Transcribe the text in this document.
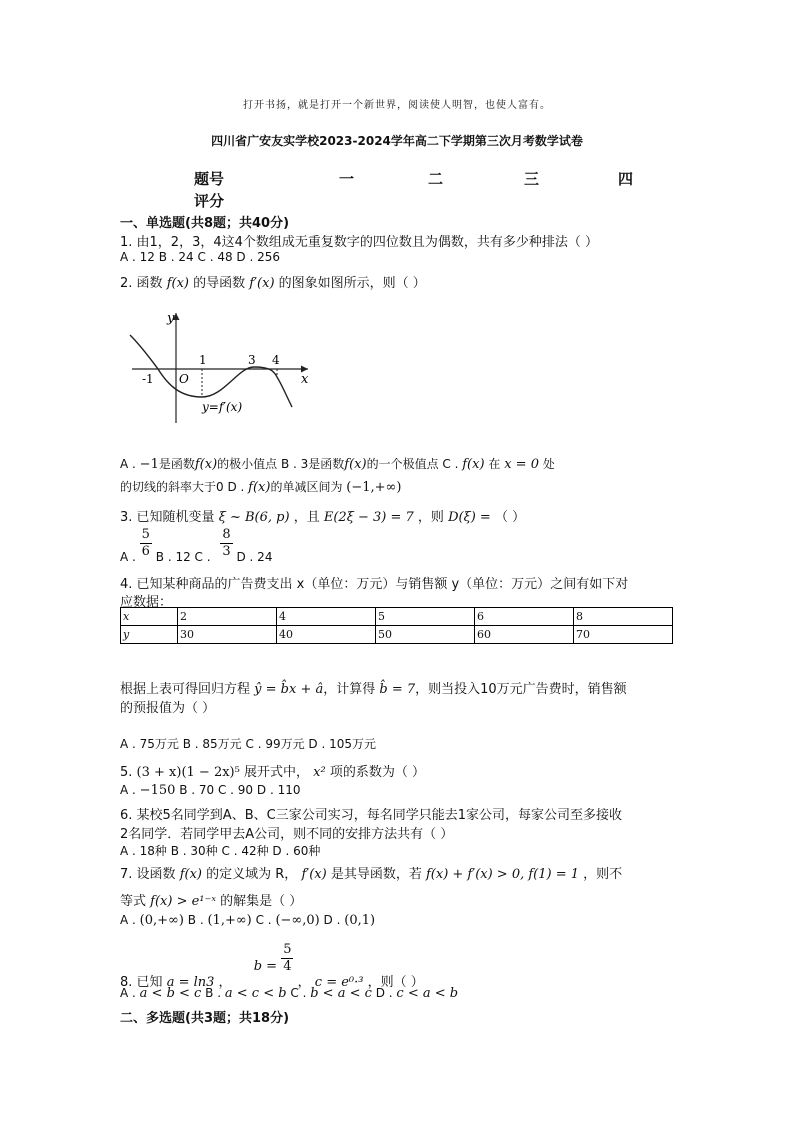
打开书扬，就是打开一个新世界，阅读使人明智，也使人富有。
四川省广安友实学校2023-2024学年高二下学期第三次月考数学试卷
题号	一	二	三	四
评分
一、单选题(共8题；共40分)
1. 由1，2，3，4这4个数组成无重复数字的四位数且为偶数，共有多少种排法（ ）
A . 12 B . 24 C . 48 D . 256
2. 函数 f(x) 的导函数 f′(x) 的图象如图所示，则（ ）
y
x
O
-1
1	3 4
y=f′(x)
A . −1是函数f(x)的极小值点 B . 3是函数f(x)的一个极值点 C . f(x) 在 x = 0 处
的切线的斜率大于0 D . f(x)的单减区间为 (−1,+∞)
3. 已知随机变量 ξ ~ B(6, p) ，且 E(2ξ − 3) = 7 ，则 D(ξ) = （ ）
A . $\frac{5}{6}$ B . 12 C . $\frac{8}{3}$ D . 24
4. 已知某种商品的广告费支出 x（单位：万元）与销售额 y（单位：万元）之间有如下对
应数据：
x	2	4	5	6	8
y	30	40	50	60	70
根据上表可得回归方程 ŷ = b̂x + â，计算得 b̂ = 7，则当投入10万元广告费时，销售额
的预报值为（ ）
A . 75万元 B . 85万元 C . 99万元 D . 105万元
5. (3 + x)(1 − 2x)⁵ 展开式中， x² 项的系数为（ ）
A . −150 B . 70 C . 90 D . 110
6. 某校5名同学到A、B、C三家公司实习，每名同学只能去1家公司，每家公司至多接收
2名同学．若同学甲去A公司，则不同的安排方法共有（ ）
A . 18种 B . 30种 C . 42种 D . 60种
7. 设函数 f(x) 的定义域为 R， f′(x) 是其导函数，若 f(x) + f′(x) > 0, f(1) = 1 ，则不
等式 f(x) > e¹⁻ˣ 的解集是（ ）
A . (0,+∞) B . (1,+∞) C . (−∞,0) D . (0,1)
8. 已知 a = ln3 ， $b = \frac{5}{4}$
， c = e⁰·³ ，则（ ）
A . a < b < c B . a < c < b C . b < a < c D . c < a < b
二、多选题(共3题；共18分)
